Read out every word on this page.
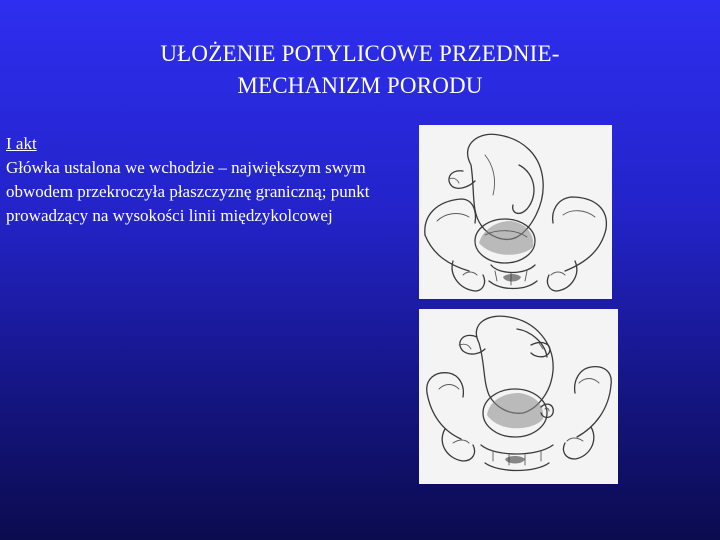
UŁOŻENIE POTYLICOWE PRZEDNIE-
MECHANIZM PORODU
I akt
Główka ustalona we wchodzie – największym swym obwodem przekroczyła płaszczyznę graniczną; punkt prowadzący na wysokości linii międzykolcowej
